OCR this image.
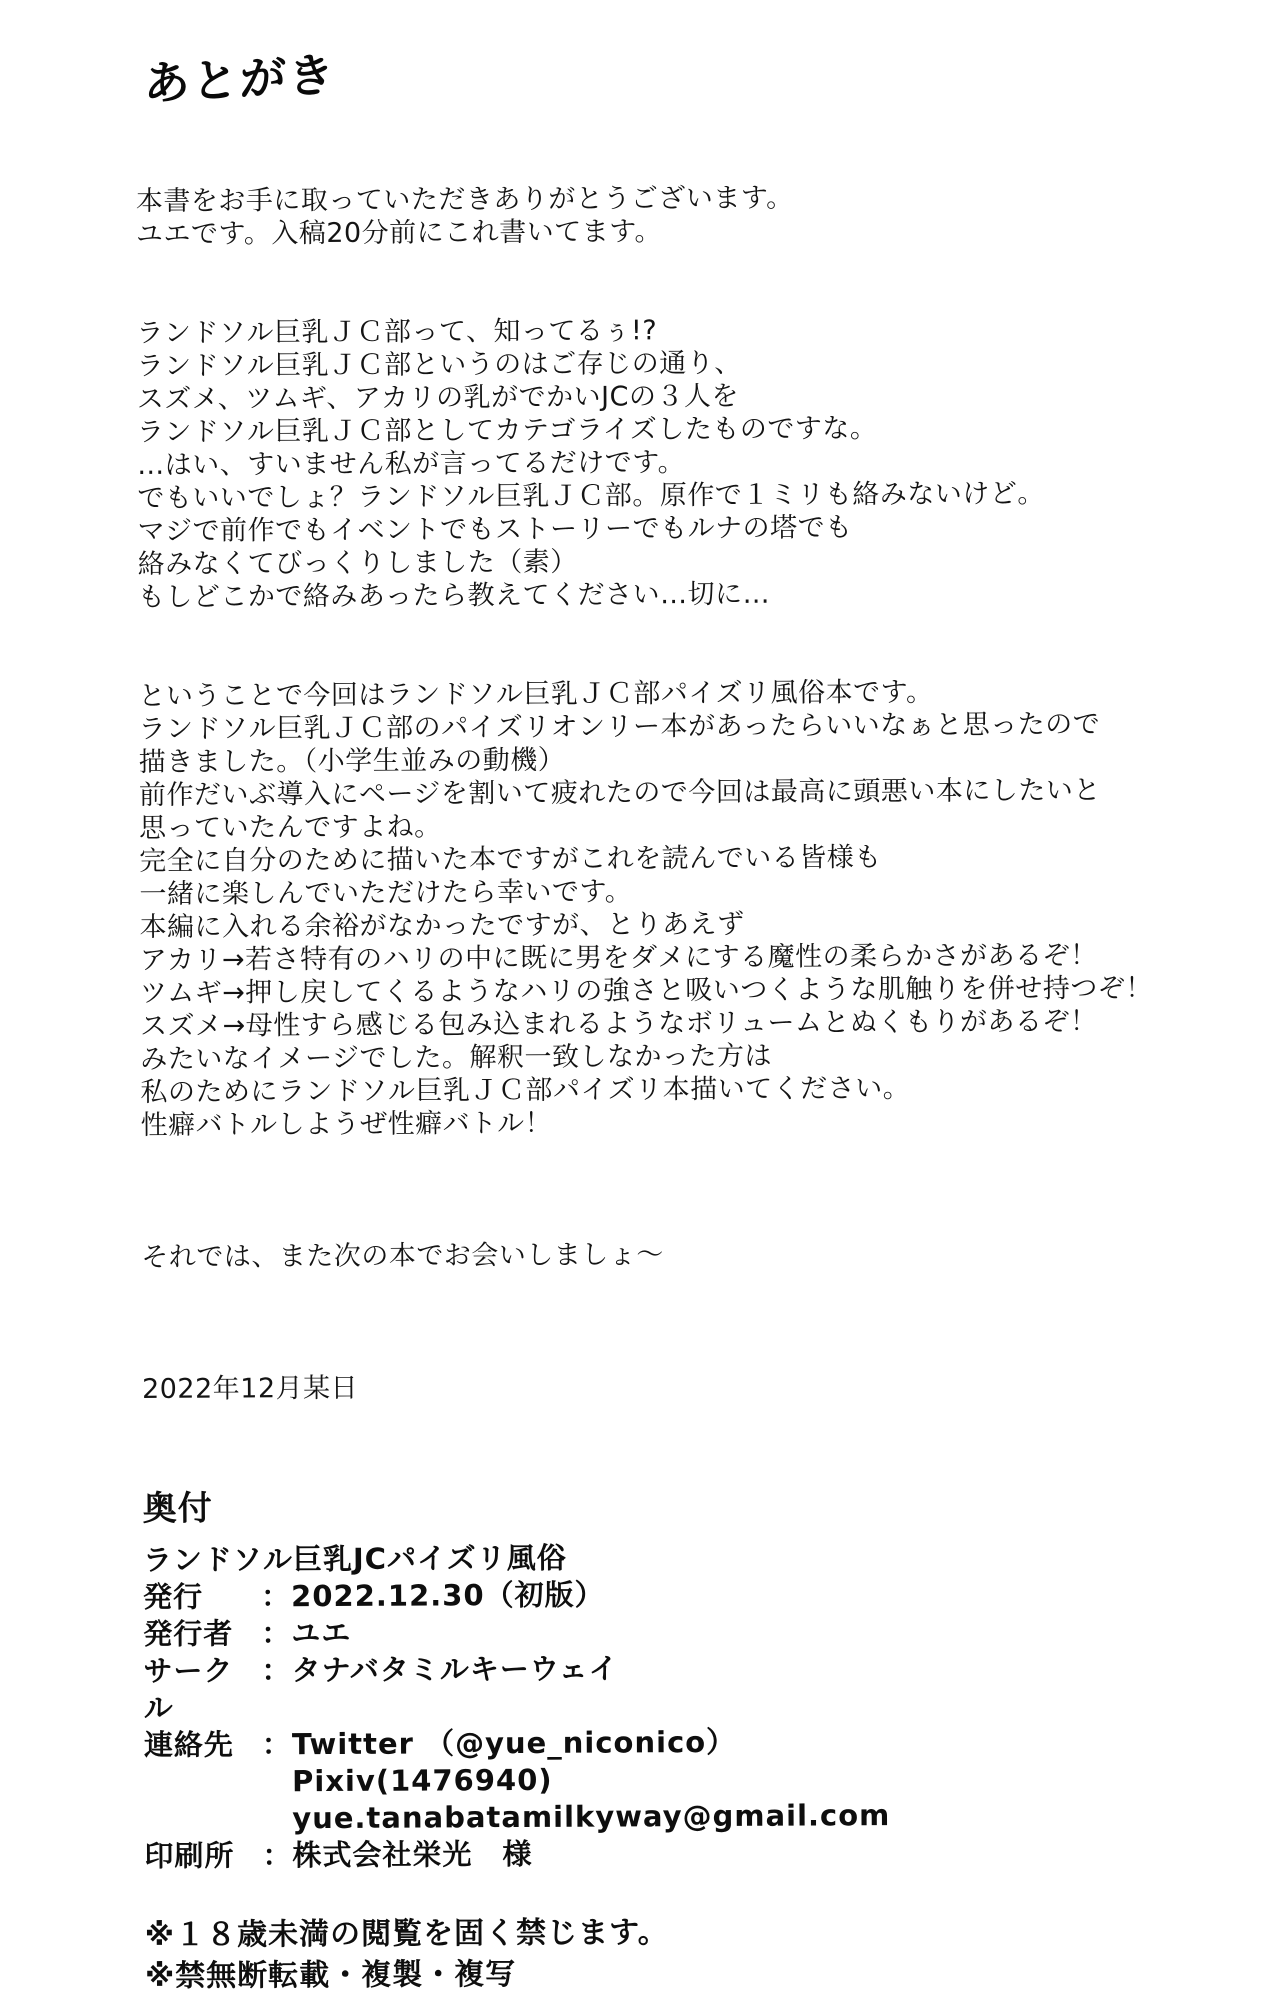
あとがき

本書をお手に取っていただきありがとうございます。
ユエです。入稿20分前にこれ書いてます。

ランドソル巨乳ＪＣ部って、知ってるぅ!?
ランドソル巨乳ＪＣ部というのはご存じの通り、
スズメ、ツムギ、アカリの乳がでかいJCの３人を
ランドソル巨乳ＪＣ部としてカテゴライズしたものですな。
…はい、すいません私が言ってるだけです。
でもいいでしょ？ランドソル巨乳ＪＣ部。原作で１ミリも絡みないけど。
マジで前作でもイベントでもストーリーでもルナの塔でも
絡みなくてびっくりしました（素）
もしどこかで絡みあったら教えてください…切に…

ということで今回はランドソル巨乳ＪＣ部パイズリ風俗本です。
ランドソル巨乳ＪＣ部のパイズリオンリー本があったらいいなぁと思ったので
描きました。（小学生並みの動機）
前作だいぶ導入にページを割いて疲れたので今回は最高に頭悪い本にしたいと
思っていたんですよね。
完全に自分のために描いた本ですがこれを読んでいる皆様も
一緒に楽しんでいただけたら幸いです。
本編に入れる余裕がなかったですが、とりあえず
アカリ→若さ特有のハリの中に既に男をダメにする魔性の柔らかさがあるぞ！
ツムギ→押し戻してくるようなハリの強さと吸いつくような肌触りを併せ持つぞ！
スズメ→母性すら感じる包み込まれるようなボリュームとぬくもりがあるぞ！
みたいなイメージでした。解釈一致しなかった方は
私のためにランドソル巨乳ＪＣ部パイズリ本描いてください。
性癖バトルしようぜ性癖バトル！

それでは、また次の本でお会いしましょ～

2022年12月某日

奥付
ランドソル巨乳JCパイズリ風俗
発行	： 2022.12.30（初版）
発行者 ： ユエ
サークル
： タナバタミルキーウェイ
連絡先 ： Twitter （@yue_niconico）
Pixiv(1476940)
yue.tanabatamilkyway@gmail.com
印刷所 ： 株式会社栄光　様
※１８歳未満の閲覧を固く禁じます。
※禁無断転載・複製・複写
